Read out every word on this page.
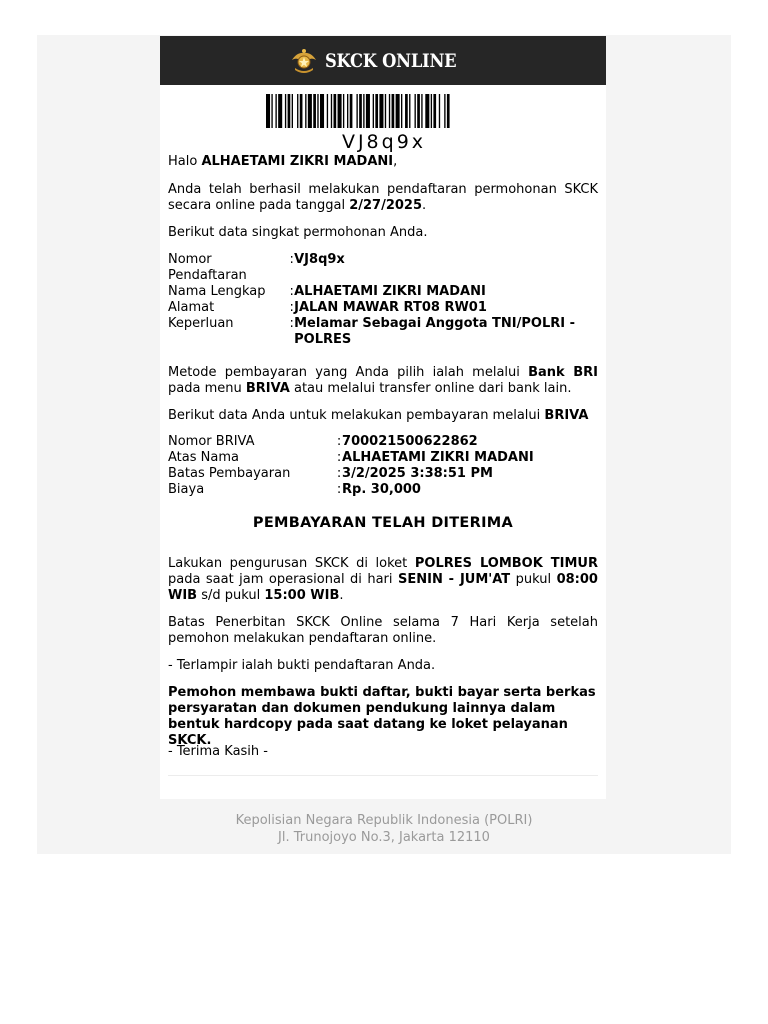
SKCK ONLINE
VJ8q9x

Halo ALHAETAMI ZIKRI MADANI,

Anda telah berhasil melakukan pendaftaran permohonan SKCK secara online pada tanggal 2/27/2025.

Berikut data singkat permohonan Anda.

Nomor Pendaftaran	:	VJ8q9x
Nama Lengkap	:	ALHAETAMI ZIKRI MADANI
Alamat	:	JALAN MAWAR RT08 RW01
Keperluan	:	Melamar Sebagai Anggota TNI/POLRI - POLRES

Metode pembayaran yang Anda pilih ialah melalui Bank BRI pada menu BRIVA atau melalui transfer online dari bank lain.

Berikut data Anda untuk melakukan pembayaran melalui BRIVA

Nomor BRIVA	:	700021500622862
Atas Nama	:	ALHAETAMI ZIKRI MADANI
Batas Pembayaran	:	3/2/2025 3:38:51 PM
Biaya	:	Rp. 30,000
PEMBAYARAN TELAH DITERIMA

Lakukan pengurusan SKCK di loket POLRES LOMBOK TIMUR pada saat jam operasional di hari SENIN - JUM'AT pukul 08:00 WIB s/d pukul 15:00 WIB.

Batas Penerbitan SKCK Online selama 7 Hari Kerja setelah pemohon melakukan pendaftaran online.

- Terlampir ialah bukti pendaftaran Anda.

Pemohon membawa bukti daftar, bukti bayar serta berkas persyaratan dan dokumen pendukung lainnya dalam bentuk hardcopy pada saat datang ke loket pelayanan SKCK.

- Terima Kasih -

Kepolisian Negara Republik Indonesia (POLRI)
Jl. Trunojoyo No.3, Jakarta 12110
